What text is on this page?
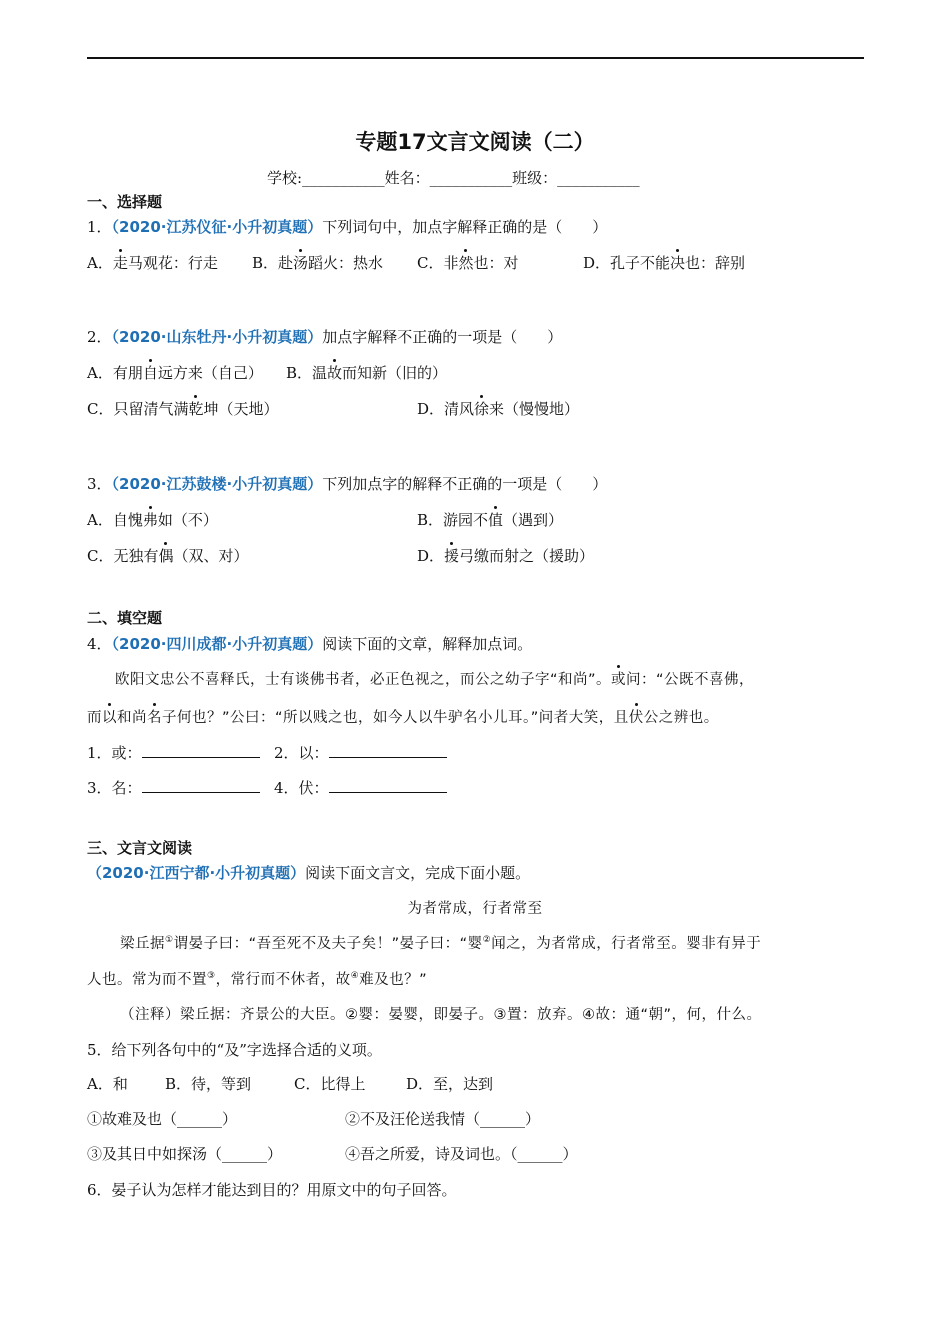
专题17文言文阅读（二）
学校:___________姓名：___________班级：___________
一、选择题
1．（2020·江苏仪征·小升初真题）下列词句中，加点字解释正确的是（　　）
A．走马观花：行走 B．赴汤蹈火：热水 C．非然也：对	D．孔子不能决也：辞别
2．（2020·山东牡丹·小升初真题）加点字解释不正确的一项是（　　）
A．有朋自远方来（自己） B．温故而知新（旧的）
C．只留清气满乾坤（天地）	D．清风徐来（慢慢地）
3．（2020·江苏鼓楼·小升初真题）下列加点字的解释不正确的一项是（　　）
A．自愧弗如（不）	B．游园不值（遇到）
C．无独有偶（双、对）	D．援弓缴而射之（援助）
二、填空题
4．（2020·四川成都·小升初真题）阅读下面的文章，解释加点词。
欧阳文忠公不喜释氏，士有谈佛书者，必正色视之，而公之幼子字“和尚”。或问：“公既不喜佛，
而以和尚名子何也？”公曰：“所以贱之也，如今人以牛驴名小儿耳。”问者大笑，且伏公之辨也。
1．或：	2．以：
3．名：	4．伏：
三、文言文阅读
（2020·江西宁都·小升初真题）阅读下面文言文，完成下面小题。
为者常成，行者常至
梁丘据①谓晏子曰：“吾至死不及夫子矣！”晏子曰：“婴②闻之，为者常成，行者常至。婴非有异于
人也。常为而不置③，常行而不休者，故④难及也？”
（注释）梁丘据：齐景公的大臣。②婴：晏婴，即晏子。③置：放弃。④故：通“朝”，何，什么。
5．给下列各句中的“及”字选择合适的义项。
A．和 B．待，等到	C．比得上	D．至，达到
①故难及也（______）	②不及汪伦送我情（______）
③及其日中如探汤（______）	④吾之所爱，诗及词也。（______）
6．晏子认为怎样才能达到目的？用原文中的句子回答。
